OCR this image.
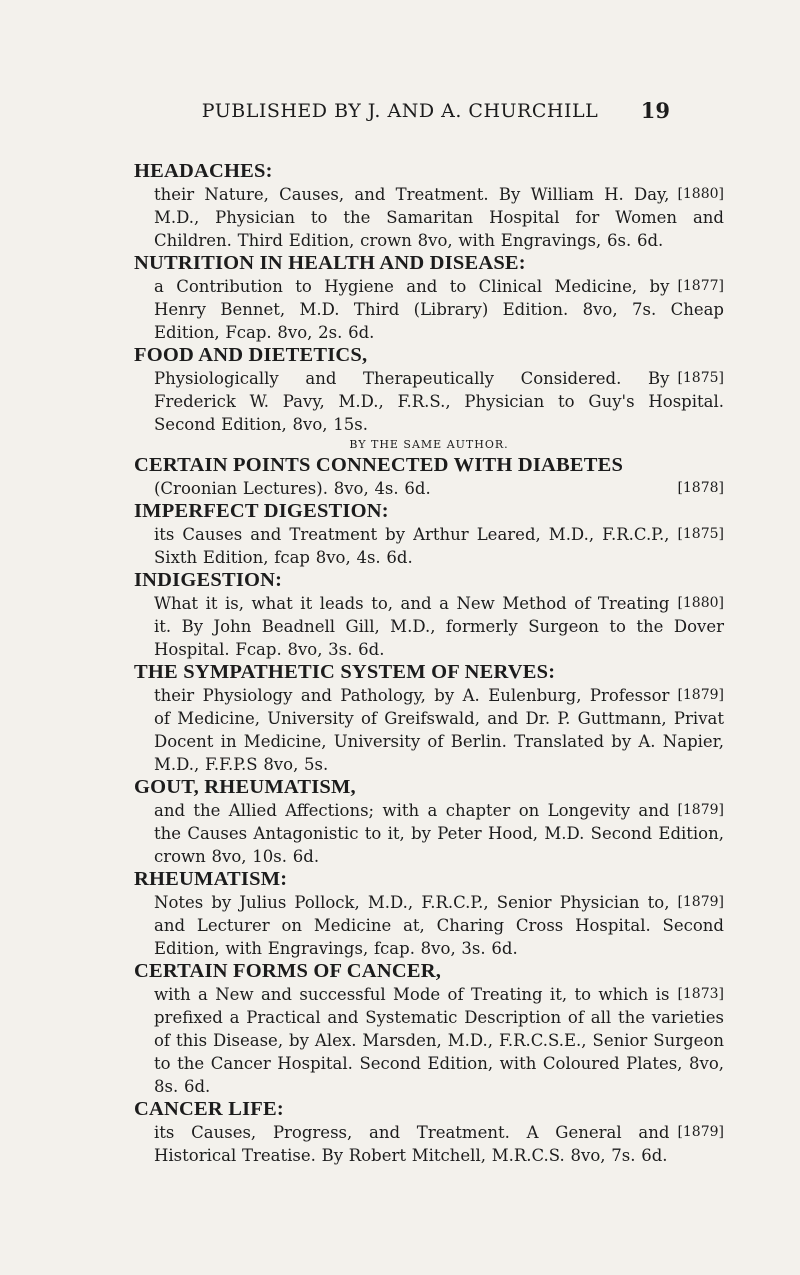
PUBLISHED BY J. AND A. CHURCHILL	19
HEADACHES:
[1880]
their Nature, Causes, and Treatment. By William H. Day, M.D., Physician to the Samaritan Hospital for Women and Children. Third Edition, crown 8vo, with Engravings, 6s. 6d.
NUTRITION IN HEALTH AND DISEASE:
[1877]
a Contribution to Hygiene and to Clinical Medicine, by Henry Bennet, M.D. Third (Library) Edition. 8vo, 7s. Cheap Edition, Fcap. 8vo, 2s. 6d.
FOOD AND DIETETICS,
[1875]
Physiologically and Therapeutically Considered. By Frederick W. Pavy, M.D., F.R.S., Physician to Guy's Hospital. Second Edition, 8vo, 15s.
BY THE SAME AUTHOR.
CERTAIN POINTS CONNECTED WITH DIABETES
[1878]
(Croonian Lectures). 8vo, 4s. 6d.
IMPERFECT DIGESTION:
[1875]
its Causes and Treatment by Arthur Leared, M.D., F.R.C.P., Sixth Edition, fcap 8vo, 4s. 6d.
INDIGESTION:
[1880]
What it is, what it leads to, and a New Method of Treating it. By John Beadnell Gill, M.D., formerly Surgeon to the Dover Hospital. Fcap. 8vo, 3s. 6d.
THE SYMPATHETIC SYSTEM OF NERVES:
[1879]
their Physiology and Pathology, by A. Eulenburg, Professor of Medicine, University of Greifswald, and Dr. P. Guttmann, Privat Docent in Medicine, University of Berlin. Translated by A. Napier, M.D., F.F.P.S 8vo, 5s.
GOUT, RHEUMATISM,
[1879]
and the Allied Affections; with a chapter on Longevity and the Causes Antagonistic to it, by Peter Hood, M.D. Second Edition, crown 8vo, 10s. 6d.
RHEUMATISM:
[1879]
Notes by Julius Pollock, M.D., F.R.C.P., Senior Physician to, and Lecturer on Medicine at, Charing Cross Hospital. Second Edition, with Engravings, fcap. 8vo, 3s. 6d.
CERTAIN FORMS OF CANCER,
[1873]
with a New and successful Mode of Treating it, to which is prefixed a Practical and Systematic Description of all the varieties of this Disease, by Alex. Marsden, M.D., F.R.C.S.E., Senior Surgeon to the Cancer Hospital. Second Edition, with Coloured Plates, 8vo, 8s. 6d.
CANCER LIFE:
[1879]
its Causes, Progress, and Treatment. A General and Historical Treatise. By Robert Mitchell, M.R.C.S. 8vo, 7s. 6d.
